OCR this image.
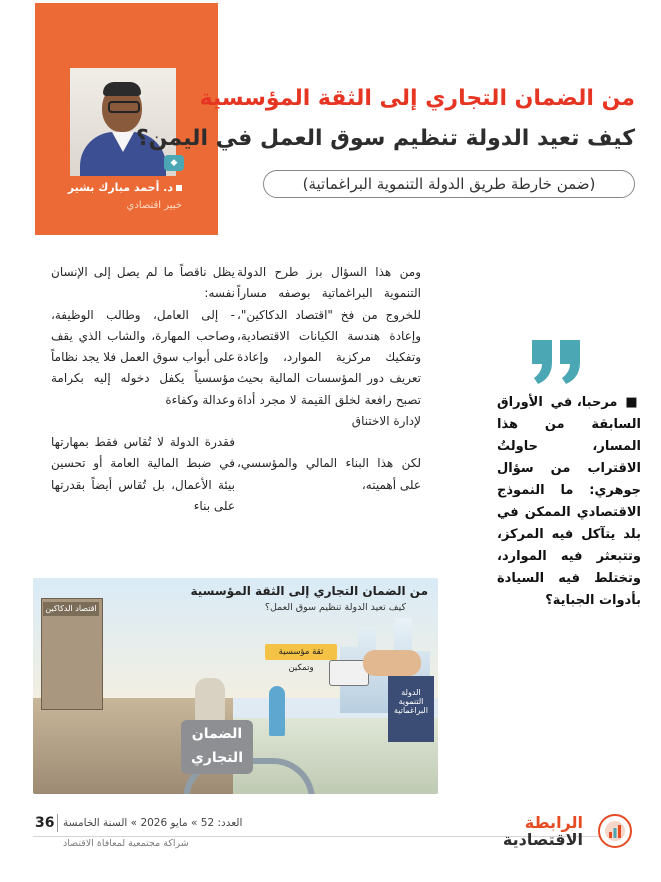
◆
د. أحمد مبارك بشير
خبير اقتصادي
من الضمان التجاري إلى الثقة المؤسسية
كيف تعيد الدولة تنظيم سوق العمل في اليمن؟
(ضمن خارطة طريق الدولة التنموية البراغماتية)

ومن هذا السؤال برز طرح الدولة التنموية البراغماتية بوصفه مساراً للخروج من فخ "اقتصاد الدكاكين"، وإعادة هندسة الكيانات الاقتصادية، وتفكيك مركزية الموارد، وإعادة تعريف دور المؤسسات المالية بحيث تصبح رافعة لخلق القيمة لا مجرد أداة لإدارة الاختناق

لكن هذا البناء المالي والمؤسسي، على أهميته،

يظل ناقصاً ما لم يصل إلى الإنسان نفسه:

- إلى العامل، وطالب الوظيفة، وصاحب المهارة، والشاب الذي يقف على أبواب سوق العمل فلا يجد نظاماً مؤسسياً يكفل دخوله إليه بكرامة وعدالة وكفاءة

فقدرة الدولة لا تُقاس فقط بمهارتها في ضبط المالية العامة أو تحسين بيئة الأعمال، بل تُقاس أيضاً بقدرتها على بناء

■ مرحبا، في الأوراق السابقة من هذا المسار، حاولتُ الاقتراب من سؤال جوهري: ما النموذج الاقتصادي الممكن في بلد يتآكل فيه المركز، وتتبعثر فيه الموارد، وتختلط فيه السيادة بأدوات الجباية؟
اقتصاد الدكاكين
الضمان التجاري
ثقة مؤسسية وتمكين
الدولة التنموية البراغماتية
من الضمان التجاري إلى الثقة المؤسسية
كيف تعيد الدولة تنظيم سوق العمل؟
36 العدد: 52 » مايو 2026 » السنة الخامسة
شراكة مجتمعية لمعافاة الاقتصاد
الرابطة
الاقتصادية
